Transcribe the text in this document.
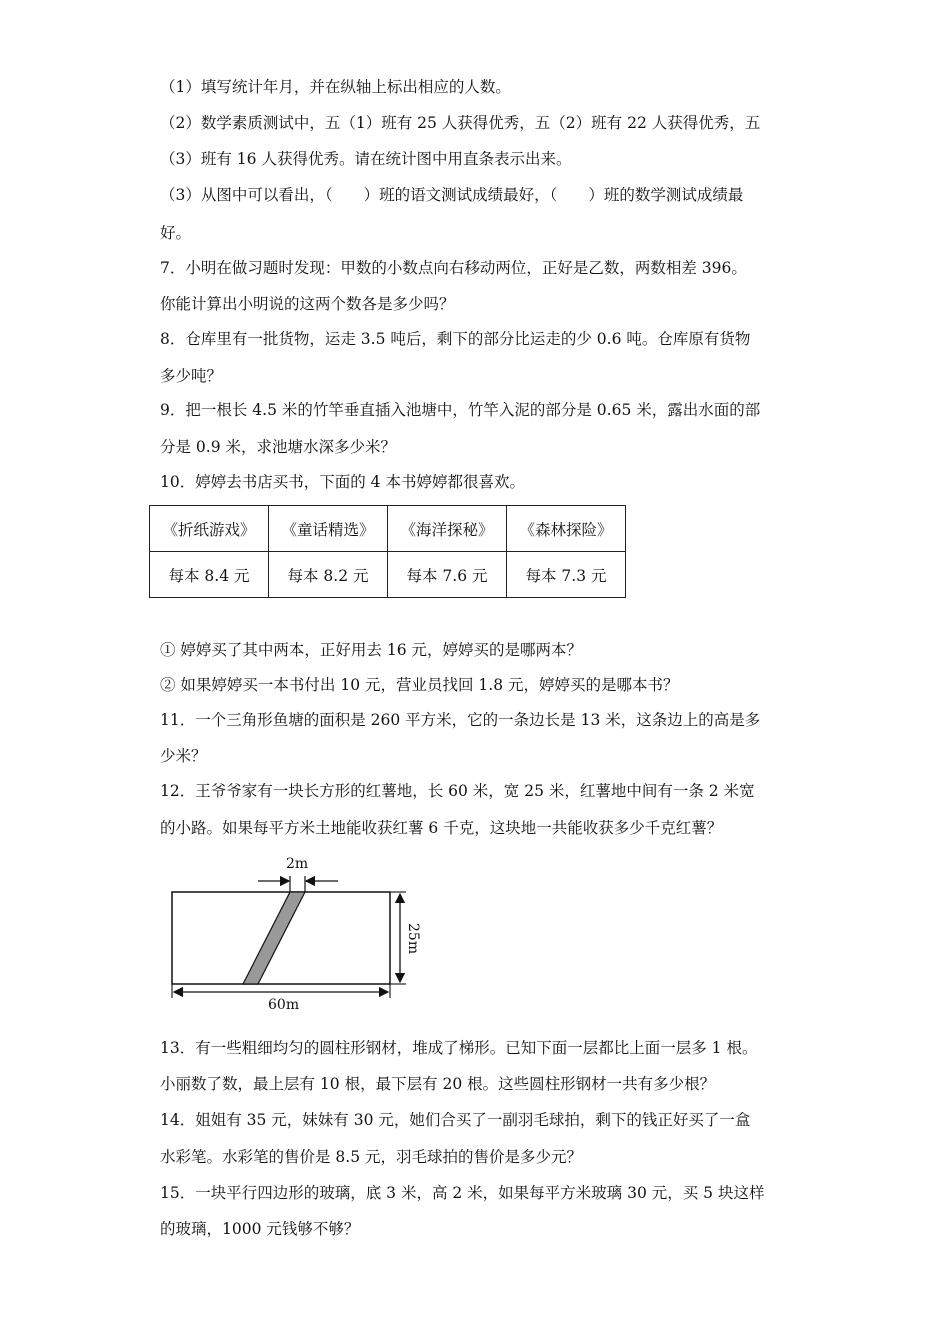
（1）填写统计年月，并在纵轴上标出相应的人数。
（2）数学素质测试中，五（1）班有 25 人获得优秀，五（2）班有 22 人获得优秀，五
（3）班有 16 人获得优秀。请在统计图中用直条表示出来。
（3）从图中可以看出，（　　）班的语文测试成绩最好，（　　）班的数学测试成绩最
好。
7．小明在做习题时发现：甲数的小数点向右移动两位，正好是乙数，两数相差 396。
你能计算出小明说的这两个数各是多少吗？
8．仓库里有一批货物，运走 3.5 吨后，剩下的部分比运走的少 0.6 吨。仓库原有货物
多少吨？
9．把一根长 4.5 米的竹竿垂直插入池塘中，竹竿入泥的部分是 0.65 米，露出水面的部
分是 0.9 米，求池塘水深多少米？
10．婷婷去书店买书，下面的 4 本书婷婷都很喜欢。
《折纸游戏》	《童话精选》	《海洋探秘》	《森林探险》
每本 8.4 元	每本 8.2 元	每本 7.6 元	每本 7.3 元
① 婷婷买了其中两本，正好用去 16 元，婷婷买的是哪两本？
② 如果婷婷买一本书付出 10 元，营业员找回 1.8 元，婷婷买的是哪本书？
11．一个三角形鱼塘的面积是 260 平方米，它的一条边长是 13 米，这条边上的高是多
少米？
12．王爷爷家有一块长方形的红薯地，长 60 米，宽 25 米，红薯地中间有一条 2 米宽
的小路。如果每平方米土地能收获红薯 6 千克，这块地一共能收获多少千克红薯？
2m
25m
60m
13．有一些粗细均匀的圆柱形钢材，堆成了梯形。已知下面一层都比上面一层多 1 根。
小丽数了数，最上层有 10 根，最下层有 20 根。这些圆柱形钢材一共有多少根？
14．姐姐有 35 元，妹妹有 30 元，她们合买了一副羽毛球拍，剩下的钱正好买了一盒
水彩笔。水彩笔的售价是 8.5 元，羽毛球拍的售价是多少元？
15．一块平行四边形的玻璃，底 3 米，高 2 米，如果每平方米玻璃 30 元，买 5 块这样
的玻璃，1000 元钱够不够？
